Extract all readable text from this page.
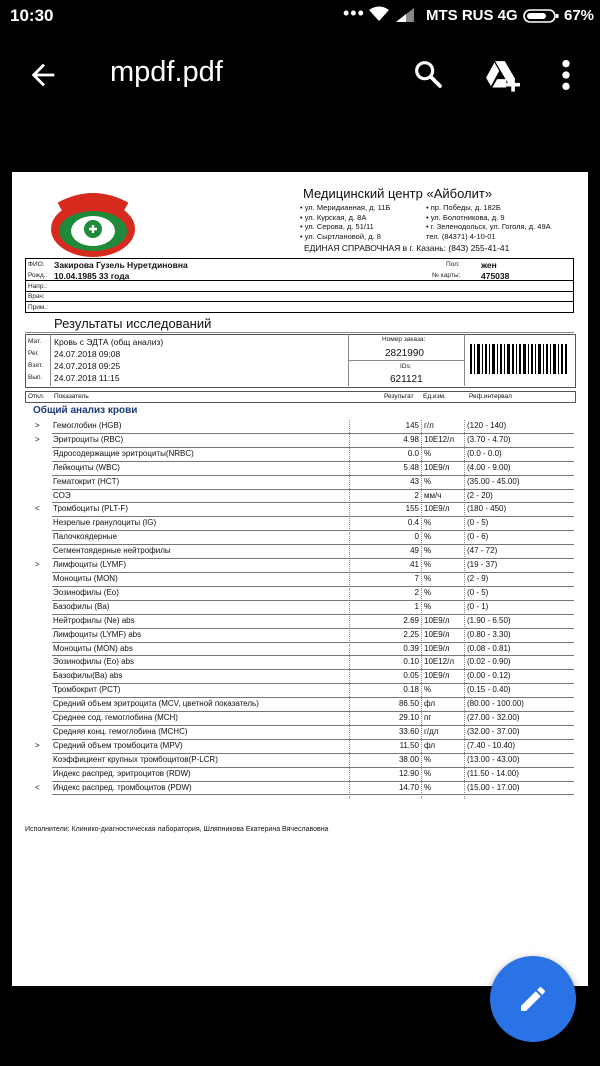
10:30	•••	MTS RUS 4G	67%
mpdf.pdf
Медицинский центр «Айболит»
• ул. Меридианная, д. 11Б
• ул. Курская, д. 8А
• ул. Серова, д. 51/11
• ул. Сыртлановой, д. 8
• пр. Победы, д. 182Б
• ул. Болотникова, д. 9
• г. Зеленодольск, ул. Гоголя, д. 49А
тел. (84371) 4-10-01
ЕДИНАЯ СПРАВОЧНАЯ в г. Казань: (843) 255-41-41
ФИО: Закирова Гузель Нуретдиновна
Рожд.: 10.04.1985 33 года
Пол:	жен
№ карты: 475038
Напр.:
Врач:
Прим.:
Результаты исследований
Мат. Кровь с ЭДТА (общ анализ)
Рег. 24.07.2018 09:08
Взят. 24.07.2018 09:25
Вып. 24.07.2018 11:15
Номер заказа:
2821990
IDs:
621121
Откл. Показатель	Результат Ед.изм.	Реф.интервал
Общий анализ крови
> Гемоглобин (HGB)	145 г/л	(120 - 140)
> Эритроциты (RBC)	4.98 10Е12/л (3.70 - 4.70)
Ядросодержащие эритроциты(NRBC)	0.0 %	(0.0 - 0.0)
Лейкоциты (WBC)	5.48 10Е9/л (4.00 - 9.00)
Гематокрит (HCT)	43 %	(35.00 - 45.00)
СОЭ	2 мм/ч	(2 - 20)
< Тромбоциты (PLT-F)	155 10Е9/л (180 - 450)
Незрелые гранулоциты (IG)	0.4 %	(0 - 5)
Палочкоядерные	0 %	(0 - 6)
Сегментоядерные нейтрофилы	49 %	(47 - 72)
> Лимфоциты (LYMF)	41 %	(19 - 37)
Моноциты (MON)	7 %	(2 - 9)
Эозинофилы (Eo)	2 %	(0 - 5)
Базофилы (Ba)	1 %	(0 - 1)
Нейтрофилы (Ne) abs	2.69 10Е9/л (1.90 - 6.50)
Лимфоциты (LYMF) abs	2.25 10Е9/л (0.80 - 3.30)
Моноциты (MON) abs	0.39 10Е9/л (0.08 - 0.81)
Эозинофилы (Eo) abs	0.10 10Е12/л (0.02 - 0.90)
Базофилы(Ba) abs	0.05 10Е9/л (0.00 - 0.12)
Тромбокрит (PCT)	0.18 %	(0.15 - 0.40)
Средний объем эритроцита (MCV, цветной показатель)	86.50 фл	(80.00 - 100.00)
Среднее сод. гемоглобина (MCH)	29.10 пг	(27.00 - 32.00)
Средняя конц. гемоглобина (MCHC)	33.60 г/дл	(32.00 - 37.00)
> Средний объем тромбоцита (MPV)	11.50 фл	(7.40 - 10.40)
Коэффициент крупных тромбоцитов(P-LCR)	38.00 %	(13.00 - 43.00)
Индекс распред. эритроцитов (RDW)	12.90 %	(11.50 - 14.00)
< Индекс распред. тромбоцитов (PDW)	14.70 %	(15.00 - 17.00)
Исполнители: Клинико-диагностическая лаборатория, Шляпникова Екатерина Вячеславовна
